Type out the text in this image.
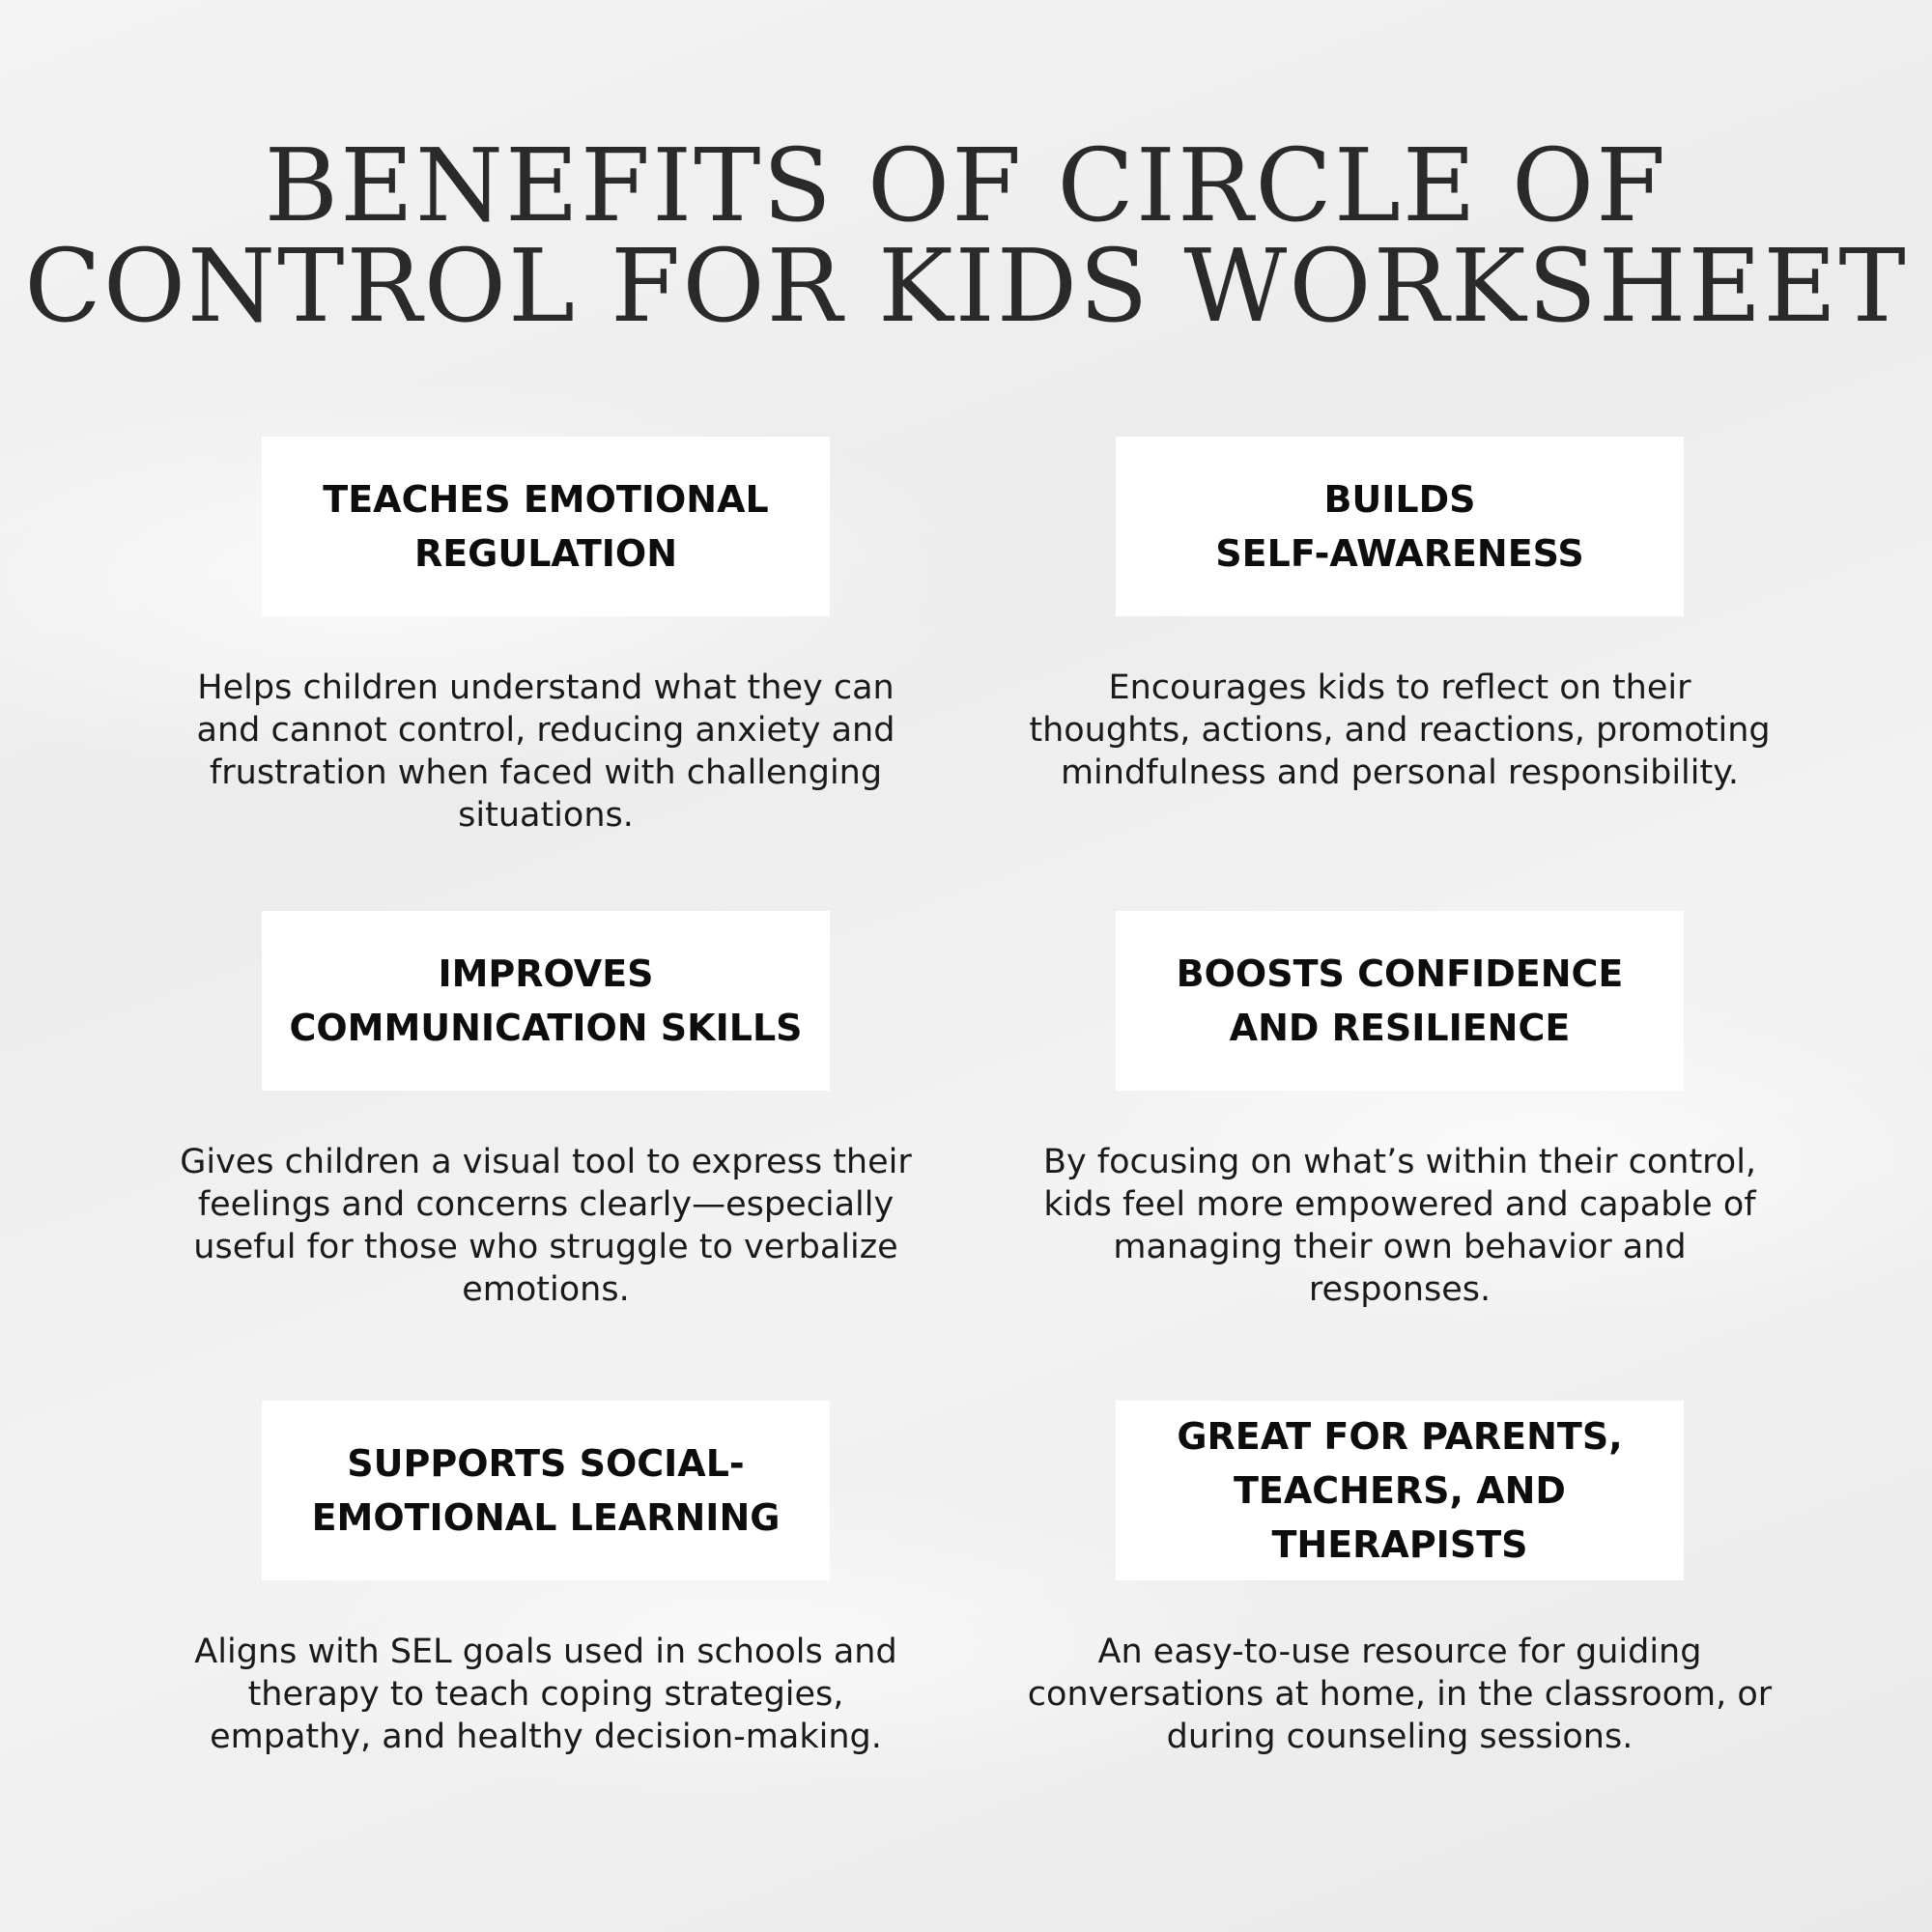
BENEFITS OF CIRCLE OF
CONTROL FOR KIDS WORKSHEET
TEACHES EMOTIONAL
REGULATION

Helps children understand what they can
and cannot control, reducing anxiety and
frustration when faced with challenging
situations.

BUILDS
SELF-AWARENESS

Encourages kids to reflect on their
thoughts, actions, and reactions, promoting
mindfulness and personal responsibility.

IMPROVES
COMMUNICATION SKILLS

Gives children a visual tool to express their
feelings and concerns clearly—especially
useful for those who struggle to verbalize
emotions.

BOOSTS CONFIDENCE
AND RESILIENCE

By focusing on what’s within their control,
kids feel more empowered and capable of
managing their own behavior and
responses.

SUPPORTS SOCIAL-
EMOTIONAL LEARNING

Aligns with SEL goals used in schools and
therapy to teach coping strategies,
empathy, and healthy decision-making.

GREAT FOR PARENTS,
TEACHERS, AND
THERAPISTS

An easy-to-use resource for guiding
conversations at home, in the classroom, or
during counseling sessions.
